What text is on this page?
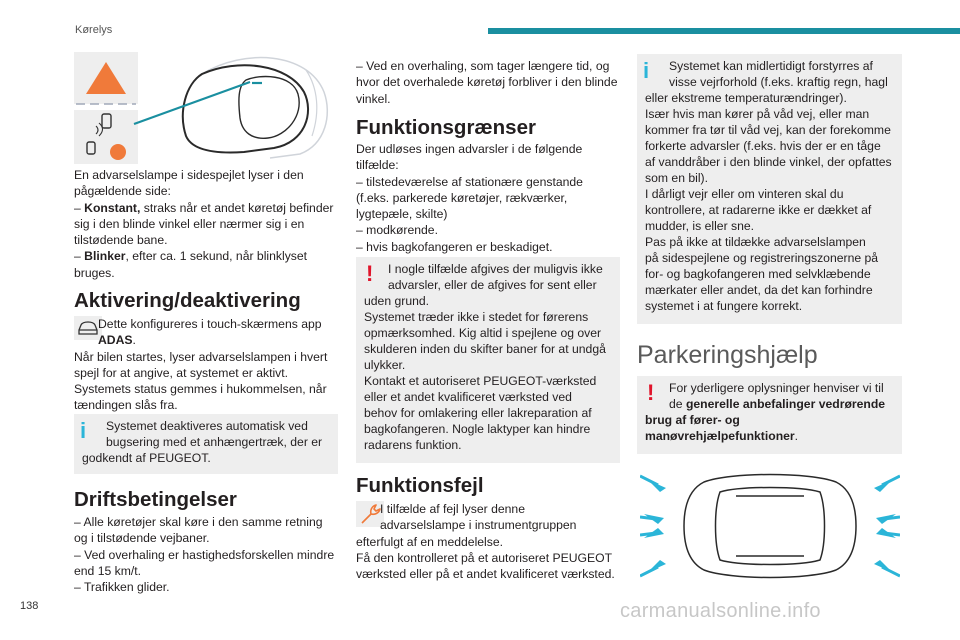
Kørelys
En advarselslampe i sidespejlet lyser i den
pågældende side:
– Konstant, straks når et andet køretøj befinder
sig i den blinde vinkel eller nærmer sig i en
tilstødende bane.
– Blinker, efter ca. 1 sekund, når blinklyset
bruges.
Aktivering/deaktivering
Dette konfigureres i touch-skærmens app
ADAS.
Når bilen startes, lyser advarselslampen i hvert
spejl for at angive, at systemet er aktivt.
Systemets status gemmes i hukommelsen, når
tændingen slås fra.
i	Systemet deaktiveres automatisk ved
bugsering med et anhængertræk, der er
godkendt af PEUGEOT.
Driftsbetingelser
– Alle køretøjer skal køre i den samme retning
og i tilstødende vejbaner.
– Ved overhaling er hastighedsforskellen mindre
end 15 km/t.
– Trafikken glider.
– Ved en overhaling, som tager længere tid, og
hvor det overhalede køretøj forbliver i den blinde
vinkel.
Funktionsgrænser
Der udløses ingen advarsler i de følgende
tilfælde:
– tilstedeværelse af stationære genstande
(f.eks. parkerede køretøjer, rækværker,
lygtepæle, skilte)
– modkørende.
– hvis bagkofangeren er beskadiget.
!	I nogle tilfælde afgives der muligvis ikke
advarsler, eller de afgives for sent eller
uden grund.
Systemet træder ikke i stedet for førerens
opmærksomhed. Kig altid i spejlene og over
skulderen inden du skifter baner for at undgå
ulykker.
Kontakt et autoriseret PEUGEOT-værksted
eller et andet kvalificeret værksted ved
behov for omlakering eller lakreparation af
bagkofangeren. Nogle laktyper kan hindre
radarens funktion.
Funktionsfejl
I tilfælde af fejl lyser denne
advarselslampe i instrumentgruppen
efterfulgt af en meddelelse.
Få den kontrolleret på et autoriseret PEUGEOT
værksted eller på et andet kvalificeret værksted.
i	Systemet kan midlertidigt forstyrres af
visse vejrforhold (f.eks. kraftig regn, hagl
eller ekstreme temperaturændringer).
Især hvis man kører på våd vej, eller man
kommer fra tør til våd vej, kan der forekomme
forkerte advarsler (f.eks. hvis der er en tåge
af vanddråber i den blinde vinkel, der opfattes
som en bil).
I dårligt vejr eller om vinteren skal du
kontrollere, at radarerne ikke er dækket af
mudder, is eller sne.
Pas på ikke at tildække advarselslampen
på sidespejlene og registreringszonerne på
for- og bagkofangeren med selvklæbende
mærkater eller andet, da det kan forhindre
systemet i at fungere korrekt.
Parkeringshjælp
!	For yderligere oplysninger henviser vi til
de generelle anbefalinger vedrørende
brug af fører- og
manøvrehjælpefunktioner.
138	carmanualsonline.info
